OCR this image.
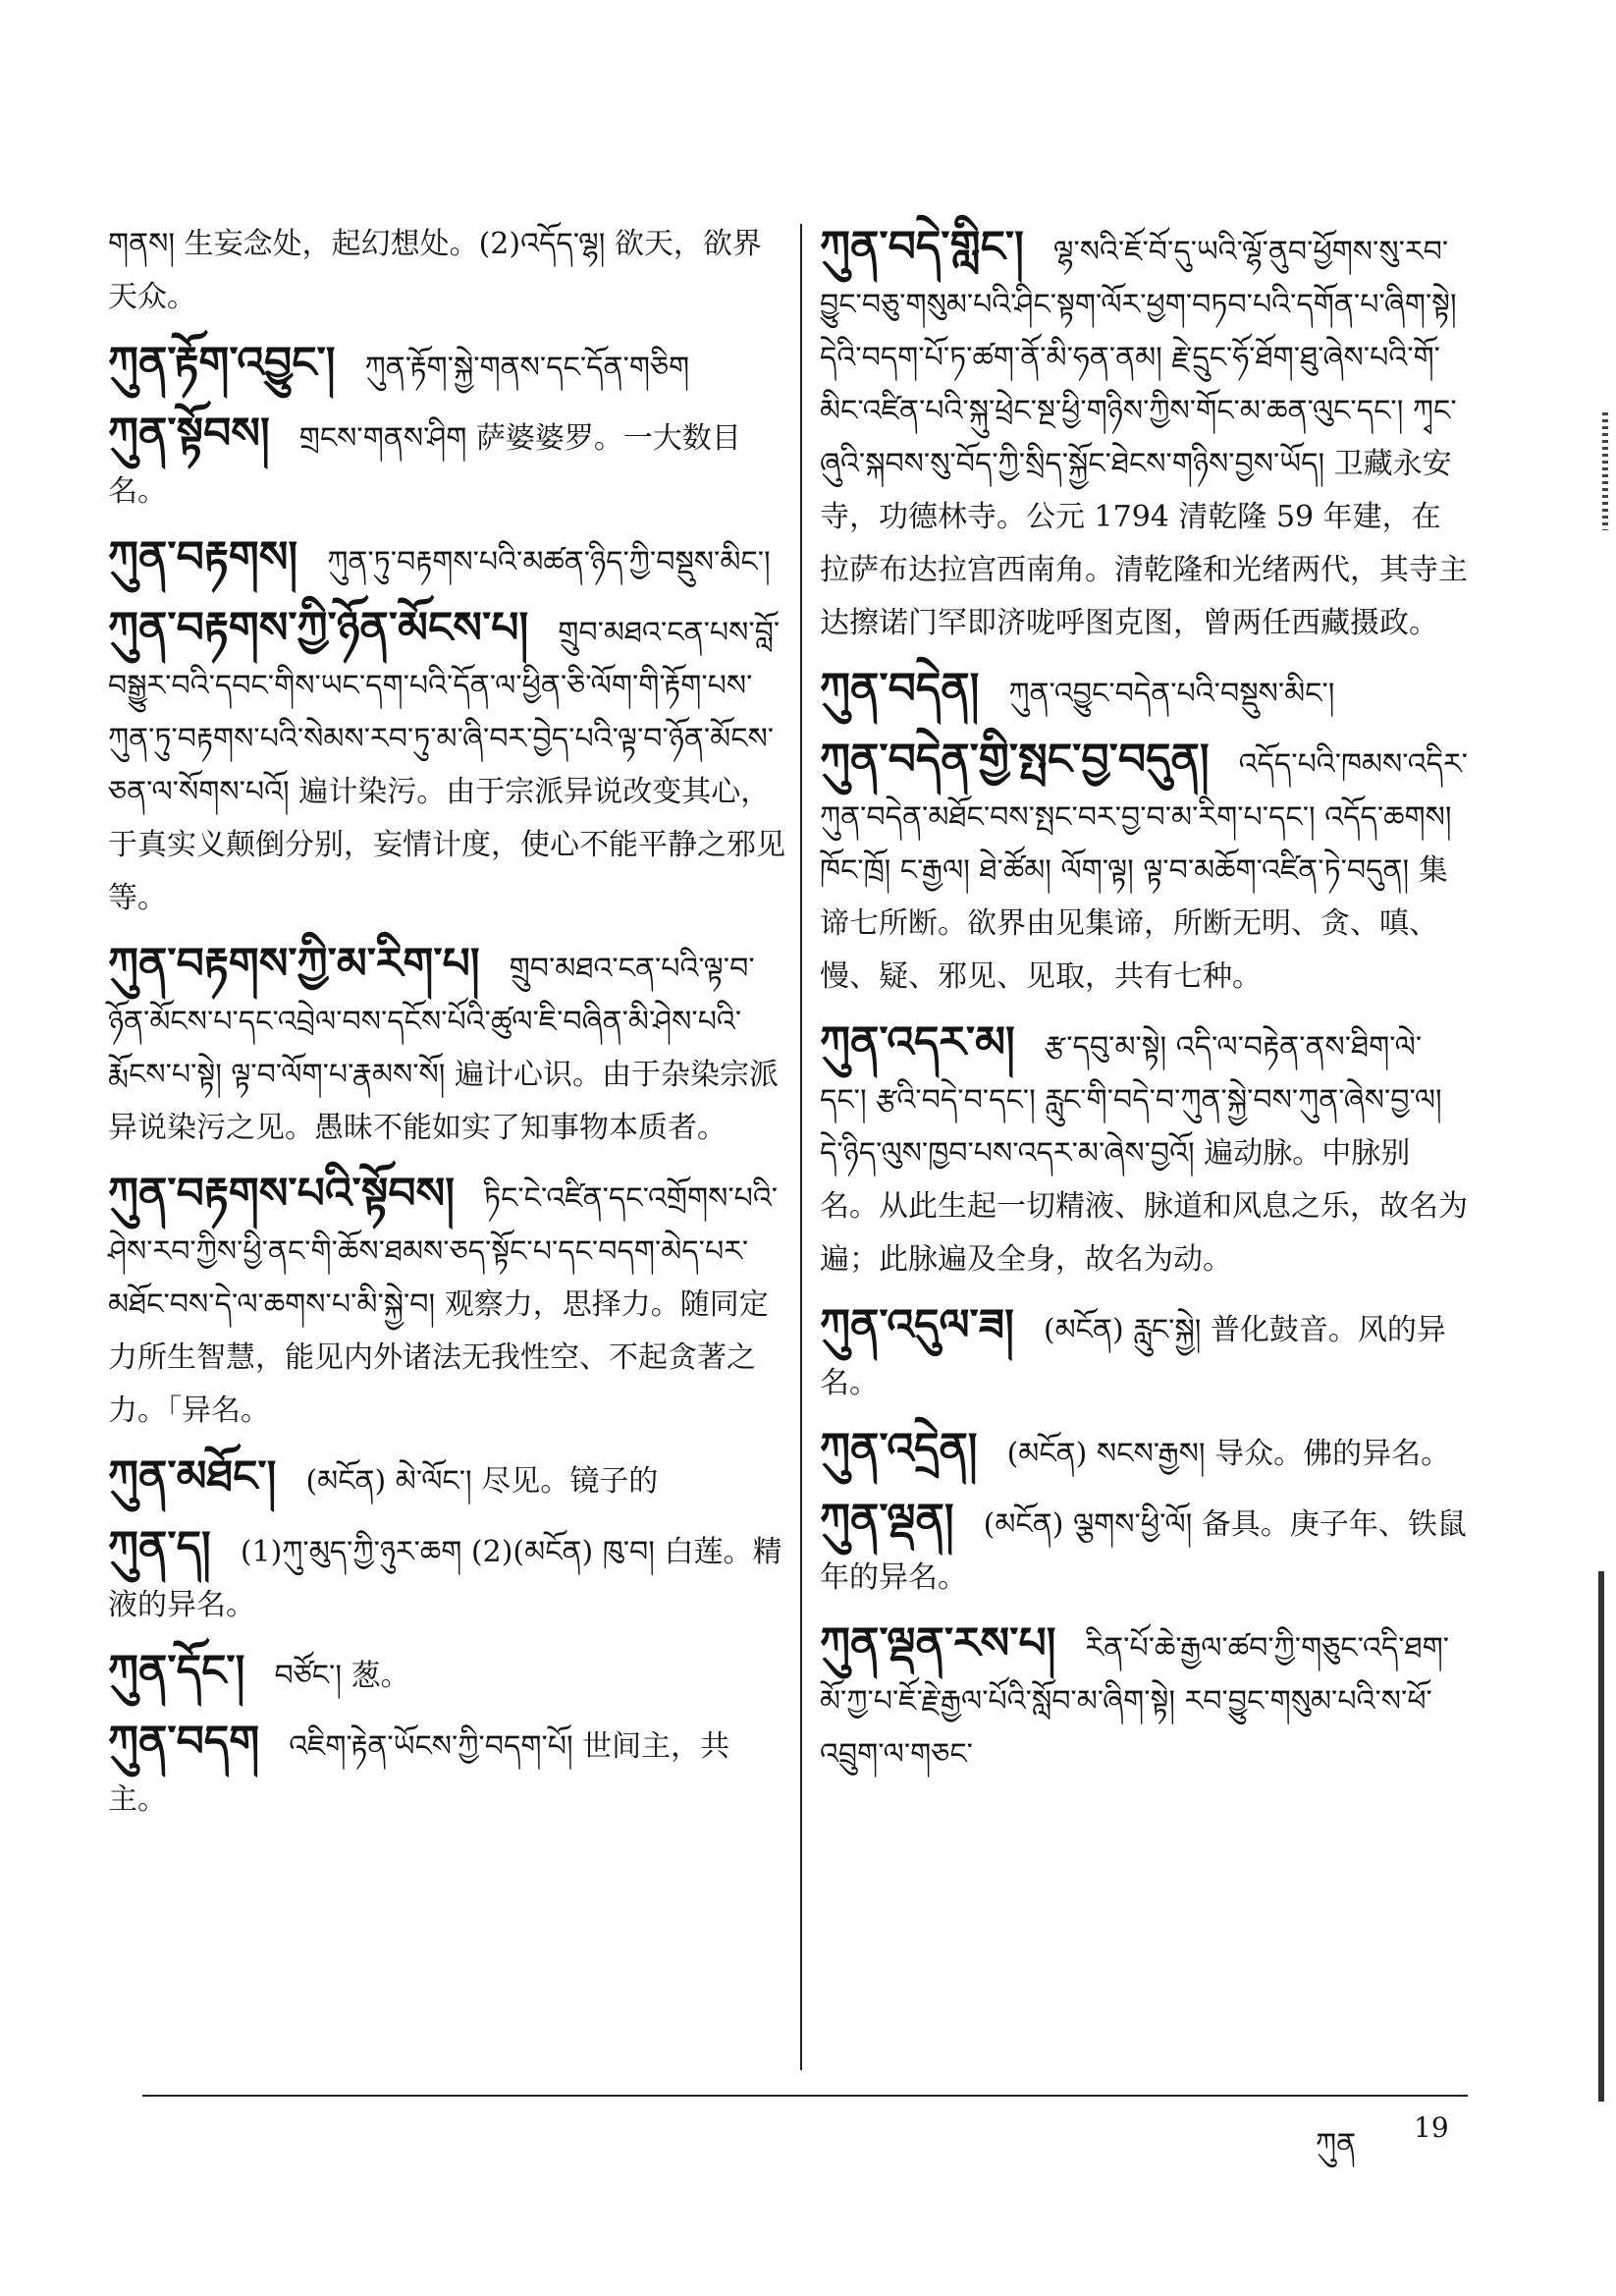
གནས། 生妄念处，起幻想处。(2)འདོད་ལྷ། 欲天，欲界天众。
ཀུན་རྟོག་འབྱུང་། ཀུན་རྟོག་སྐྱེ་གནས་དང་དོན་གཅིག
ཀུན་སྟོབས། གྲངས་གནས་ཤིག 萨婆婆罗。一大数目名。
ཀུན་བརྟགས། ཀུན་ཏུ་བརྟགས་པའི་མཚན་ཉིད་ཀྱི་བསྡུས་མིང་།
ཀུན་བརྟགས་ཀྱི་ཉོན་མོངས་པ། གྲུབ་མཐའ་ངན་པས་བློ་བསྒྱུར་བའི་དབང་གིས་ཡང་དག་པའི་དོན་ལ་ཕྱིན་ཅི་ལོག་གི་རྟོག་པས་ཀུན་ཏུ་བརྟགས་པའི་སེམས་རབ་ཏུ་མ་ཞི་བར་བྱེད་པའི་ལྟ་བ་ཉོན་མོངས་ཅན་ལ་སོགས་པའོ། 遍计染污。由于宗派异说改变其心，于真实义颠倒分别，妄情计度，使心不能平静之邪见等。
ཀུན་བརྟགས་ཀྱི་མ་རིག་པ། གྲུབ་མཐའ་ངན་པའི་ལྟ་བ་ཉོན་མོངས་པ་དང་འབྲེལ་བས་དངོས་པོའི་ཚུལ་ཇི་བཞིན་མི་ཤེས་པའི་རྨོངས་པ་སྟེ། ལྟ་བ་ལོག་པ་རྣམས་སོ། 遍计心识。由于杂染宗派异说染污之见。愚昧不能如实了知事物本质者。
ཀུན་བརྟགས་པའི་སྟོབས། ཏིང་ངེ་འཛིན་དང་འགྲོགས་པའི་ཤེས་རབ་ཀྱིས་ཕྱི་ནང་གི་ཆོས་ཐམས་ཅད་སྟོང་པ་དང་བདག་མེད་པར་མཐོང་བས་དེ་ལ་ཆགས་པ་མི་སྐྱེ་བ། 观察力，思择力。随同定力所生智慧，能见内外诸法无我性空、不起贪著之力。「异名。
ཀུན་མཐོང་། (མངོན) མེ་ལོང་། 尽见。镜子的
ཀུན་ད། (1)ཀུ་མུད་ཀྱི་ཉུར་ཆག (2)(མངོན) ཁུ་བ། 白莲。精液的异名。
ཀུན་དོང་། བཙོང་། 葱。
ཀུན་བདག འཇིག་རྟེན་ཡོངས་ཀྱི་བདག་པོ། 世间主，共主。
ཀུན་བདེ་གླིང་། ལྷ་སའི་ཇོ་བོ་དུ་ཡའི་ལྷོ་ནུབ་ཕྱོགས་སུ་རབ་བྱུང་བཅུ་གསུམ་པའི་ཤིང་སྟག་ལོར་ཕྱག་བཏབ་པའི་དགོན་པ་ཞིག་སྟེ། དེའི་བདག་པོ་ཏ་ཚག་ནོ་མི་ཧན་ནམ། རྗེ་དྲུང་ཧོ་ཐོག་ཐུ་ཞེས་པའི་གོ་མིང་འཛིན་པའི་སྐུ་ཕྲེང་སྔ་ཕྱི་གཉིས་ཀྱིས་གོང་མ་ཆན་ལུང་དང་། ཀྭང་ཞུའི་སྐབས་སུ་བོད་ཀྱི་སྲིད་སྐྱོང་ཐེངས་གཉིས་བྱས་ཡོད། 卫藏永安寺，功德林寺。公元 1794 清乾隆 59 年建，在拉萨布达拉宫西南角。清乾隆和光绪两代，其寺主达擦诺门罕即济咙呼图克图，曾两任西藏摄政。
ཀུན་བདེན། ཀུན་འབྱུང་བདེན་པའི་བསྡུས་མིང་།
ཀུན་བདེན་གྱི་སྤང་བྱ་བདུན། འདོད་པའི་ཁམས་འདིར་ཀུན་བདེན་མཐོང་བས་སྤང་བར་བྱ་བ་མ་རིག་པ་དང་། འདོད་ཆགས། ཁོང་ཁྲོ། ང་རྒྱལ། ཐེ་ཚོམ། ལོག་ལྟ། ལྟ་བ་མཆོག་འཛིན་ཏེ་བདུན། 集谛七所断。欲界由见集谛，所断无明、贪、嗔、慢、疑、邪见、见取，共有七种。
ཀུན་འདར་མ། རྩ་དབུ་མ་སྟེ། འདི་ལ་བརྟེན་ནས་ཐིག་ལེ་དང་། རྩའི་བདེ་བ་དང་། རླུང་གི་བདེ་བ་ཀུན་སྐྱེ་བས་ཀུན་ཞེས་བྱ་ལ། དེ་ཉིད་ལུས་ཁྱབ་པས་འདར་མ་ཞེས་བྱའོ། 遍动脉。中脉别名。从此生起一切精液、脉道和风息之乐，故名为遍；此脉遍及全身，故名为动。
ཀུན་འདུལ་ཟ། (མངོན) རླུང་སྐྱེ། 普化鼓音。风的异名。
ཀུན་འདྲེན། (མངོན) སངས་རྒྱས། 导众。佛的异名。
ཀུན་ལྡན། (མངོན) ལྕགས་ཕྱི་ལོ། 备具。庚子年、铁鼠年的异名。
ཀུན་ལྡན་རས་པ། རིན་པོ་ཆེ་རྒྱལ་ཚབ་ཀྱི་གཅུང་འདི་ཐག་མོ་ཀྱ་པ་ཇོ་རྗེ་རྒྱལ་པོའི་སློབ་མ་ཞིག་སྟེ། རབ་བྱུང་གསུམ་པའི་ས་ཕོ་འབྲུག་ལ་གཅང་
ཀུན 19
